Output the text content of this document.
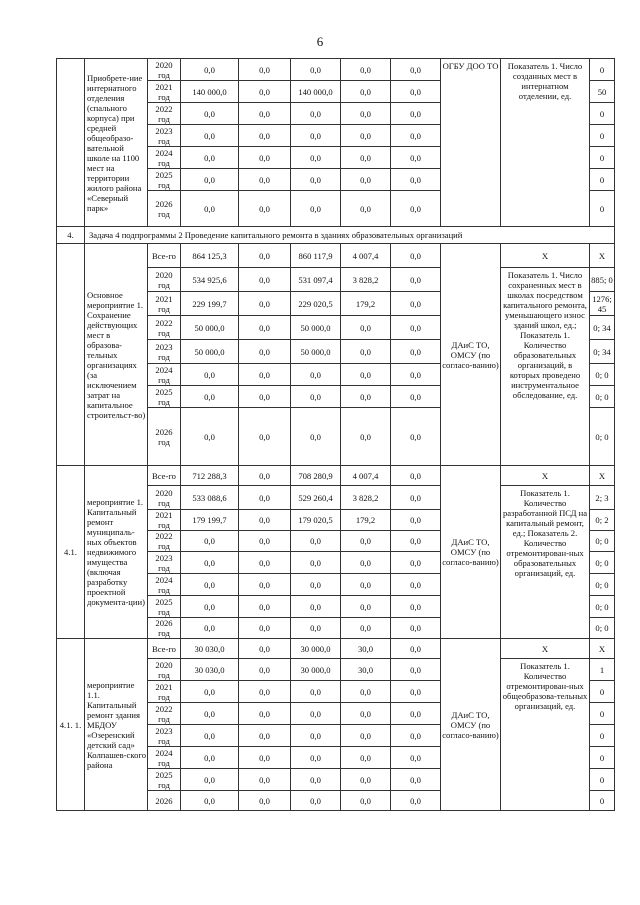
6
	Приобрете-ние интернатного отделения (спального корпуса) при средней общеобразо-вательной школе на 1100 мест на территории жилого района «Северный парк»	2020 год	0,0	0,0	0,0	0,0	0,0	ОГБУ ДОО ТО	Показатель 1. Число созданных мест в интернатном отделении, ед.	0
		2021 год	140 000,0	0,0	140 000,0	0,0	0,0			50
		2022 год	0,0	0,0	0,0	0,0	0,0			0
		2023 год	0,0	0,0	0,0	0,0	0,0			0
		2024 год	0,0	0,0	0,0	0,0	0,0			0
		2025 год	0,0	0,0	0,0	0,0	0,0			0
		2026 год	0,0	0,0	0,0	0,0	0,0			0
4.	Задача 4 подпрограммы 2 Проведение капитального ремонта в зданиях образовательных организаций									
	Основное мероприятие 1. Сохранение действующих мест в образова-тельных организациях (за исключением затрат на капитальное строительст-во)	Все-го	864 125,3	0,0	860 117,9	4 007,4	0,0	ДАиС ТО, ОМСУ (по согласо-ванию)	Х	Х
		2020 год	534 925,6	0,0	531 097,4	3 828,2	0,0		Показатель 1. Число сохраненных мест в школах посредством капитального ремонта, уменьшающего износ зданий школ, ед.; Показатель 1. Количество образовательных организаций, в которых проведено инструментальное обследование, ед.	885; 0
		2021 год	229 199,7	0,0	229 020,5	179,2	0,0			1276; 45
		2022 год	50 000,0	0,0	50 000,0	0,0	0,0			0; 34
		2023 год	50 000,0	0,0	50 000,0	0,0	0,0			0; 34
		2024 год	0,0	0,0	0,0	0,0	0,0			0; 0
		2025 год	0,0	0,0	0,0	0,0	0,0			0; 0
		2026 год	0,0	0,0	0,0	0,0	0,0			0; 0
4.1.	мероприятие 1. Капитальный ремонт муниципаль-ных объектов недвижимого имущества (включая разработку проектной документа-ции)	Все-го	712 288,3	0,0	708 280,9	4 007,4	0,0	ДАиС ТО, ОМСУ (по согласо-ванию)	Х	Х
		2020 год	533 088,6	0,0	529 260,4	3 828,2	0,0		Показатель 1. Количество разработанной ПСД на капитальный ремонт, ед.; Показатель 2. Количество отремонтирован-ных образовательных организаций, ед.	2; 3
		2021 год	179 199,7	0,0	179 020,5	179,2	0,0			0; 2
		2022 год	0,0	0,0	0,0	0,0	0,0			0; 0
		2023 год	0,0	0,0	0,0	0,0	0,0			0; 0
		2024 год	0,0	0,0	0,0	0,0	0,0			0; 0
		2025 год	0,0	0,0	0,0	0,0	0,0			0; 0
		2026 год	0,0	0,0	0,0	0,0	0,0			0; 0
4.1. 1.	мероприятие 1.1. Капитальный ремонт здания МБДОУ «Озеренский детский сад» Колпашев-ского района	Все-го	30 030,0	0,0	30 000,0	30,0	0,0	ДАиС ТО, ОМСУ (по согласо-ванию)	Х	Х
		2020 год	30 030,0	0,0	30 000,0	30,0	0,0		Показатель 1. Количество отремонтирован-ных общеобразова-тельных организаций, ед.	1
		2021 год	0,0	0,0	0,0	0,0	0,0			0
		2022 год	0,0	0,0	0,0	0,0	0,0			0
		2023 год	0,0	0,0	0,0	0,0	0,0			0
		2024 год	0,0	0,0	0,0	0,0	0,0			0
		2025 год	0,0	0,0	0,0	0,0	0,0			0
		2026	0,0	0,0	0,0	0,0	0,0			0
